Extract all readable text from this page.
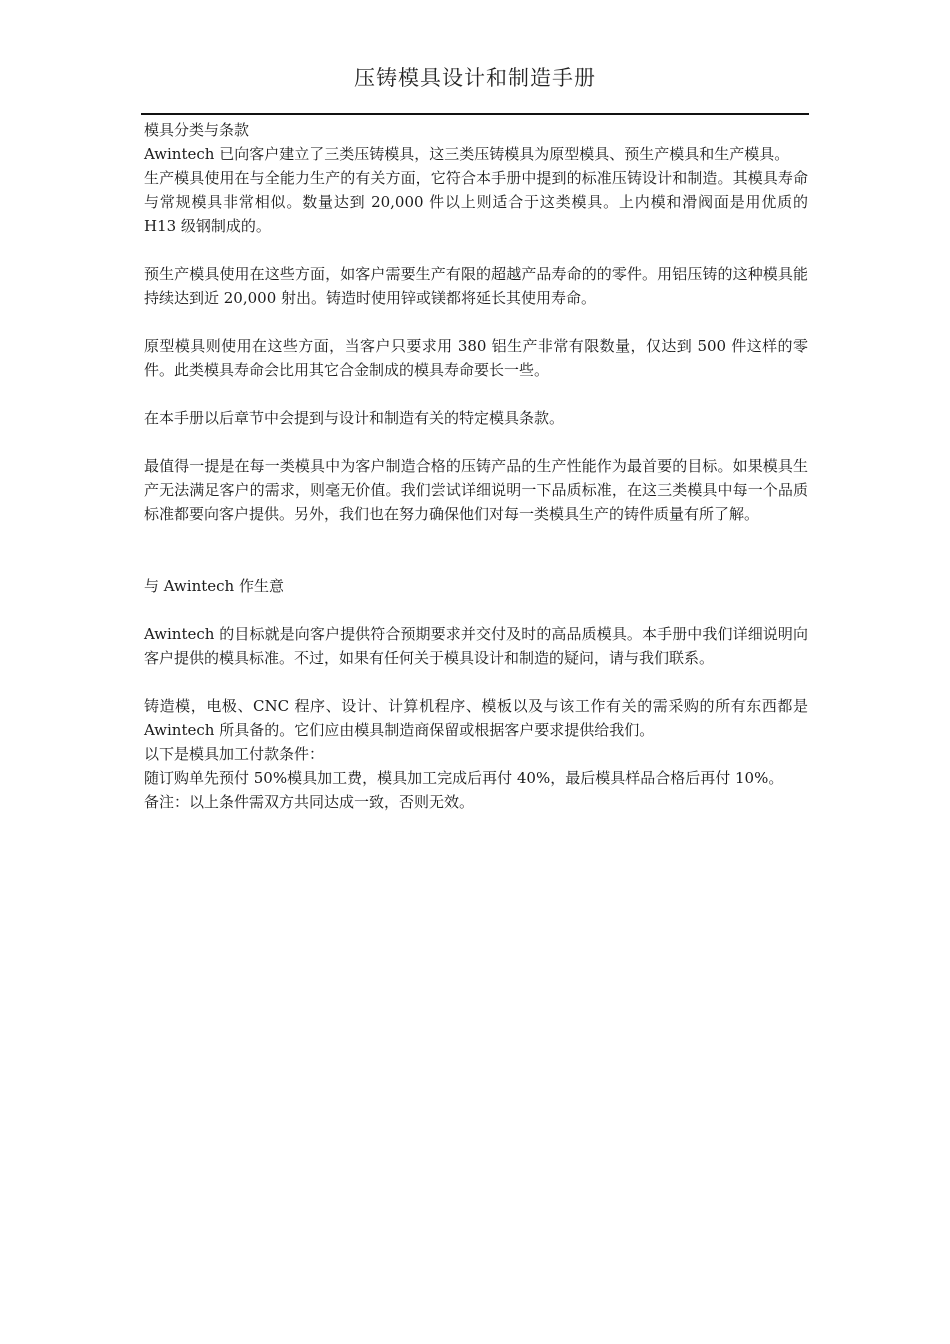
压铸模具设计和制造手册

模具分类与条款

Awintech 已向客户建立了三类压铸模具，这三类压铸模具为原型模具、预生产模具和生产模具。

生产模具使用在与全能力生产的有关方面，它符合本手册中提到的标准压铸设计和制造。其模具寿命与常规模具非常相似。数量达到 20,000 件以上则适合于这类模具。上内模和滑阀面是用优质的 H13 级钢制成的。

预生产模具使用在这些方面，如客户需要生产有限的超越产品寿命的的零件。用铝压铸的这种模具能持续达到近 20,000 射出。铸造时使用锌或镁都将延长其使用寿命。

原型模具则使用在这些方面，当客户只要求用 380 铝生产非常有限数量，仅达到 500 件这样的零件。此类模具寿命会比用其它合金制成的模具寿命要长一些。

在本手册以后章节中会提到与设计和制造有关的特定模具条款。

最值得一提是在每一类模具中为客户制造合格的压铸产品的生产性能作为最首要的目标。如果模具生产无法满足客户的需求，则毫无价值。我们尝试详细说明一下品质标准，在这三类模具中每一个品质标准都要向客户提供。另外，我们也在努力确保他们对每一类模具生产的铸件质量有所了解。

与 Awintech 作生意

Awintech 的目标就是向客户提供符合预期要求并交付及时的高品质模具。本手册中我们详细说明向客户提供的模具标准。不过，如果有任何关于模具设计和制造的疑问，请与我们联系。

铸造模，电极、CNC 程序、设计、计算机程序、模板以及与该工作有关的需采购的所有东西都是 Awintech 所具备的。它们应由模具制造商保留或根据客户要求提供给我们。

以下是模具加工付款条件：

随订购单先预付 50%模具加工费，模具加工完成后再付 40%，最后模具样品合格后再付 10%。

备注：以上条件需双方共同达成一致，否则无效。
